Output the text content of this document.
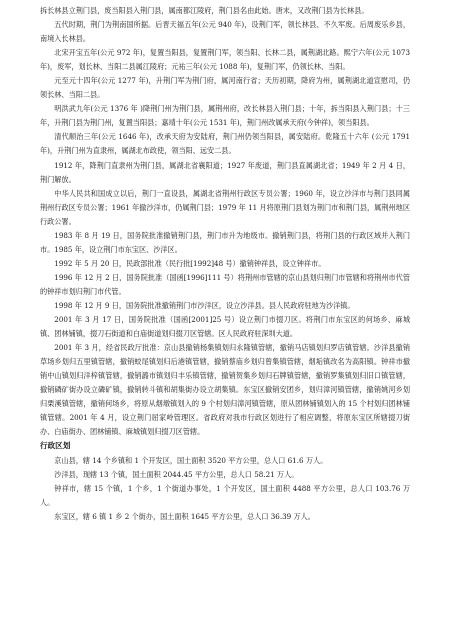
拆长林县立荆门县，废当阳县入荆门县，属南都江陵府，荆门县名由此始。唐末，又改荆门县为长林县。

五代时期，荆门为荆南国所据。后晋天福五年(公元 940 年)，设荆门军，领长林县、不久军废。后周废乐乡县，南境入长林县。

北宋开宝五年(公元 972 年)，复置当阳县，复置荆门军，领当阳、长林二县，属荆湖北路。熙宁六年(公元 1073 年)，废军，划长林、当阳二县属江陵府；元祐三年(公元 1088 年)，复荆门军，仍领长林、当阳。

元至元十四年(公元 1277 年)，升荆门军为荆门府，属河南行省；天历初期，降府为州，属荆湖北道宣慰司，仍领长林、当阳二县。

明洪武九年(公元 1376 年 )降荆门州为荆门县，属荆州府，改长林县入荆门县；十年，拆当阳县入荆门县；十三年，升荆门县为荆门州，复置当阳县；嘉靖十年(公元 1531 年)，荆门州改属承天府(今钟祥)，领当阳县。

清代顺治三年(公元 1646 年)，改承天府为安陆府，荆门州仍领当阳县，属安陆府。乾隆五十六年 (公元 1791 年)，升荆门州为直隶州，属湖北布政使，领当阳、远安二县。

1912 年，降荆门直隶州为荆门县，属湖北省襄阳道；1927 年废道，荆门县直属湖北省；1949 年 2 月 4 日，荆门解放。

中华人民共和国成立以后，荆门一直设县，属湖北省荆州行政区专员公署；1960 年，设立沙洋市与荆门县同属荆州行政区专员公署；1961 年撤沙洋市，仍属荆门县；1979 年 11 月将原荆门县划为荆门市和荆门县，属荆州地区行政公署。

1983 年 8 月 19 日，国务院批准撤销荆门县，荆门市升为地级市。撤销荆门县，将荆门县的行政区域并入荆门市。1985 年，设立荆门市东宝区、沙洋区。

1992 年 5 月 20 日，民政部批准（民行批[1992]48 号）撤销钟祥县，设立钟祥市。

1996 年 12 月 2 日，国务院批准（国函[1996]111 号）将荆州市管辖的京山县划归荆门市管辖和将荆州市代管的钟祥市划归荆门市代管。

1998 年 12 月 9 日，国务院批准撤销荆门市沙洋区，设立沙洋县。县人民政府驻地为沙洋镇。

2001 年 3 月 17 日，国务院批准（国函[2001]25 号）设立荆门市掇刀区。将荆门市东宝区的何场乡、麻城镇、团林铺镇，掇刀石街道和白庙街道划归掇刀区管辖。区人民政府驻深圳大道。

2001 年 3 月，经省民政厅批准：京山县撤销杨集镇划归永隆镇管辖，撤销马店镇划归罗店镇管辖。沙洋县撤销草场乡划归五里镇管辖，撤销蛟尾镇划归后港镇管辖，撤销蔡庙乡划归曾集镇管辖，烟垢镇改名为高阳镇。钟祥市撤销中山镇划归洋梓镇管辖，撤销潞市镇划归丰乐镇管辖，撤销贺集乡划归石牌镇管辖，撤销罗集镇划归旧口镇管辖，撤销磷矿街办设立磷矿镇，撤销转斗镇和胡集街办设立胡集镇。东宝区撤销安团乡，划归漳河镇管辖，撤销姚河乡划归栗溪镇管辖，撤销何场乡，将原从烟墩镇划入的 9 个村划归漳河镇管辖，原从团林铺镇划入的 15 个村划归团林铺镇管辖。2001 年 4 月，设立荆门屈家岭管理区。省政府对我市行政区划进行了相应调整，将原东宝区所辖掇刀街办、白庙街办、团林铺镇、麻城镇划归掇刀区管辖。

行政区划

京山县，辖 14 个乡镇和 1 个开发区，国土面积 3520 平方公里，总人口 61.6 万人。

沙洋县，现辖 13 个镇，国土面积 2044.45 平方公里，总人口 58.21 万人。

钟祥市，辖 15 个镇，1 个乡，1 个街道办事处，1 个开发区，国土面积 4488 平方公里，总人口 103.76 万人。

东宝区，辖 6 镇 1 乡 2 个街办，国土面积 1645 平方公里，总人口 36.39 万人。
